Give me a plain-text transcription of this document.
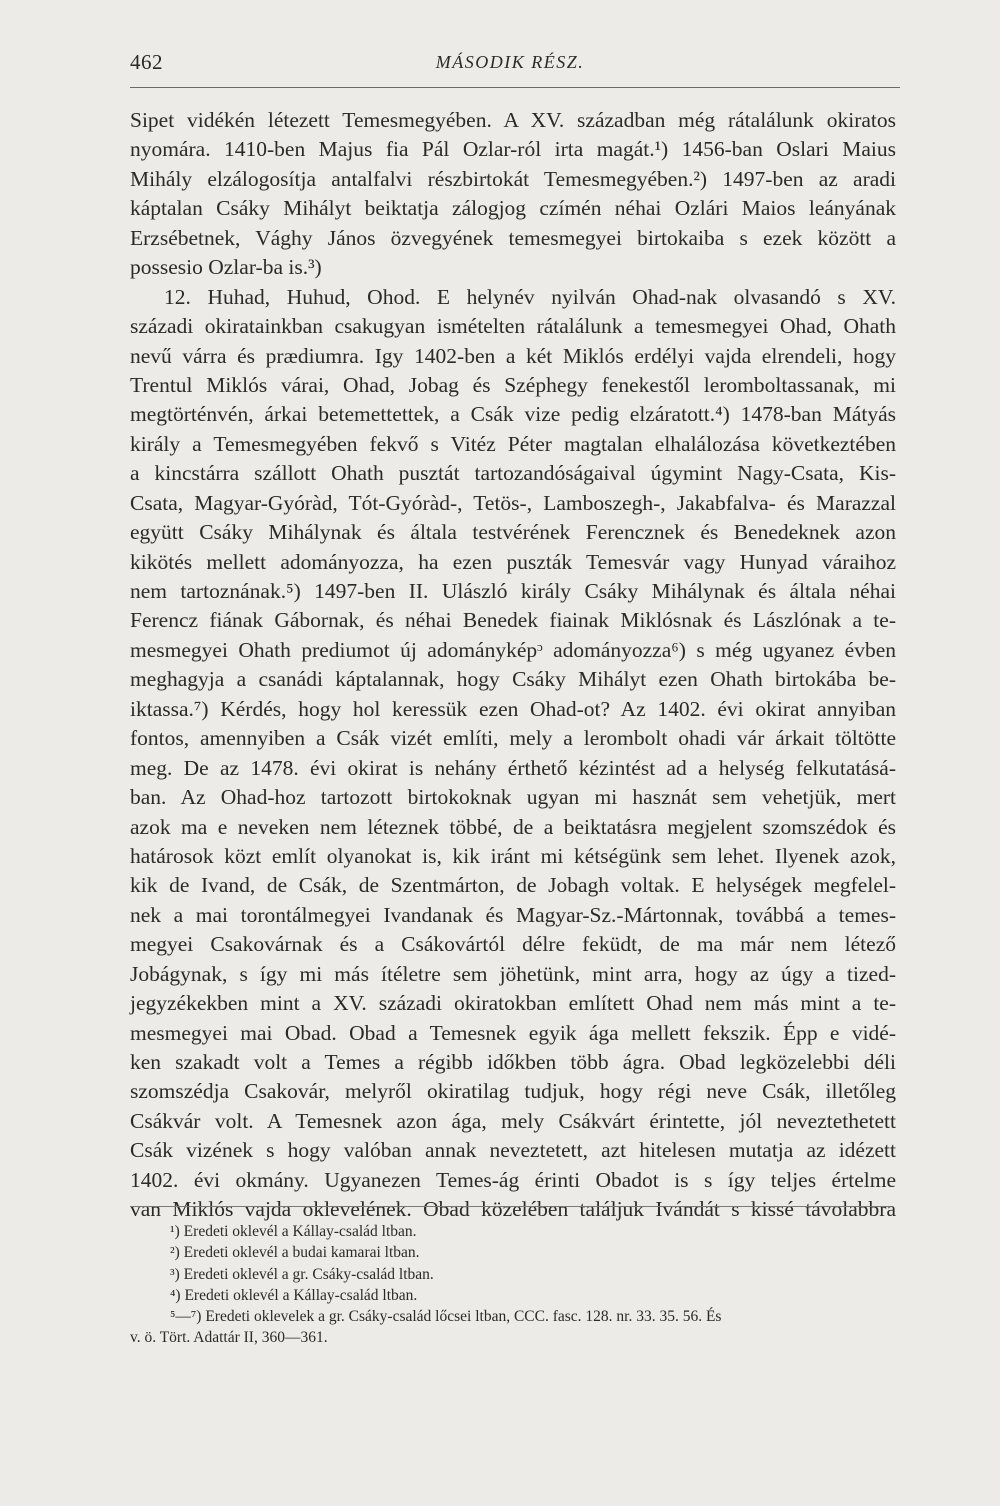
462	MÁSODIK RÉSZ.
Sipet vidékén létezett Temesmegyében. A XV. században még rátalálunk okiratos
nyomára. 1410-ben Majus fia Pál Ozlar-ról irta magát.¹) 1456-ban Oslari Maius
Mihály elzálogosítja antalfalvi részbirtokát Temesmegyében.²) 1497-ben az aradi
káptalan Csáky Mihályt beiktatja zálogjog czímén néhai Ozlári Maios leányának
Erzsébetnek, Vághy János özvegyének temesmegyei birtokaiba s ezek között a
possesio Ozlar-ba is.³)
12. Huhad, Huhud, Ohod. E helynév nyilván Ohad-nak olvasandó s XV.
századi okiratainkban csakugyan ismételten rátalálunk a temesmegyei Ohad, Ohath
nevű várra és prædiumra. Igy 1402-ben a két Miklós erdélyi vajda elrendeli, hogy
Trentul Miklós várai, Ohad, Jobag és Széphegy fenekestől leromboltassanak, mi
megtörténvén, árkai betemettettek, a Csák vize pedig elzáratott.⁴) 1478-ban Mátyás
király a Temesmegyében fekvő s Vitéz Péter magtalan elhalálozása következtében
a kincstárra szállott Ohath pusztát tartozandóságaival úgymint Nagy-Csata, Kis-
Csata, Magyar-Gyóràd, Tót-Gyóràd-, Tetös-, Lamboszegh-, Jakabfalva- és Marazzal
együtt Csáky Mihálynak és általa testvérének Ferencznek és Benedeknek azon
kikötés mellett adományozza, ha ezen puszták Temesvár vagy Hunyad váraihoz
nem tartoznának.⁵) 1497-ben II. Ulászló király Csáky Mihálynak és általa néhai
Ferencz fiának Gábornak, és néhai Benedek fiainak Miklósnak és Lászlónak a te-
mesmegyei Ohath prediumot új adományképᵓ adományozza⁶) s még ugyanez évben
meghagyja a csanádi káptalannak, hogy Csáky Mihályt ezen Ohath birtokába be-
iktassa.⁷) Kérdés, hogy hol keressük ezen Ohad-ot? Az 1402. évi okirat annyiban
fontos, amennyiben a Csák vizét említi, mely a lerombolt ohadi vár árkait töltötte
meg. De az 1478. évi okirat is nehány érthető kézintést ad a helység felkutatásá-
ban. Az Ohad-hoz tartozott birtokoknak ugyan mi hasznát sem vehetjük, mert
azok ma e neveken nem léteznek többé, de a beiktatásra megjelent szomszédok és
határosok közt említ olyanokat is, kik iránt mi kétségünk sem lehet. Ilyenek azok,
kik de Ivand, de Csák, de Szentmárton, de Jobagh voltak. E helységek megfelel-
nek a mai torontálmegyei Ivandanak és Magyar-Sz.-Mártonnak, továbbá a temes-
megyei Csakovárnak és a Csákovártól délre feküdt, de ma már nem létező
Jobágynak, s így mi más ítéletre sem jöhetünk, mint arra, hogy az úgy a tized-
jegyzékekben mint a XV. századi okiratokban említett Ohad nem más mint a te-
mesmegyei mai Obad. Obad a Temesnek egyik ága mellett fekszik. Épp e vidé-
ken szakadt volt a Temes a régibb időkben több ágra. Obad legközelebbi déli
szomszédja Csakovár, melyről okiratilag tudjuk, hogy régi neve Csák, illetőleg
Csákvár volt. A Temesnek azon ága, mely Csákvárt érintette, jól neveztethetett
Csák vizének s hogy valóban annak neveztetett, azt hitelesen mutatja az idézett
1402. évi okmány. Ugyanezen Temes-ág érinti Obadot is s így teljes értelme
van Miklós vajda oklevelének. Obad közelében találjuk Ivándát s kissé távolabbra
¹) Eredeti oklevél a Kállay-család ltban.
²) Eredeti oklevél a budai kamarai ltban.
³) Eredeti oklevél a gr. Csáky-család ltban.
⁴) Eredeti oklevél a Kállay-család ltban.
⁵—⁷) Eredeti oklevelek a gr. Csáky-család lőcsei ltban, CCC. fasc. 128. nr. 33. 35. 56. És
v. ö. Tört. Adattár II, 360—361.
